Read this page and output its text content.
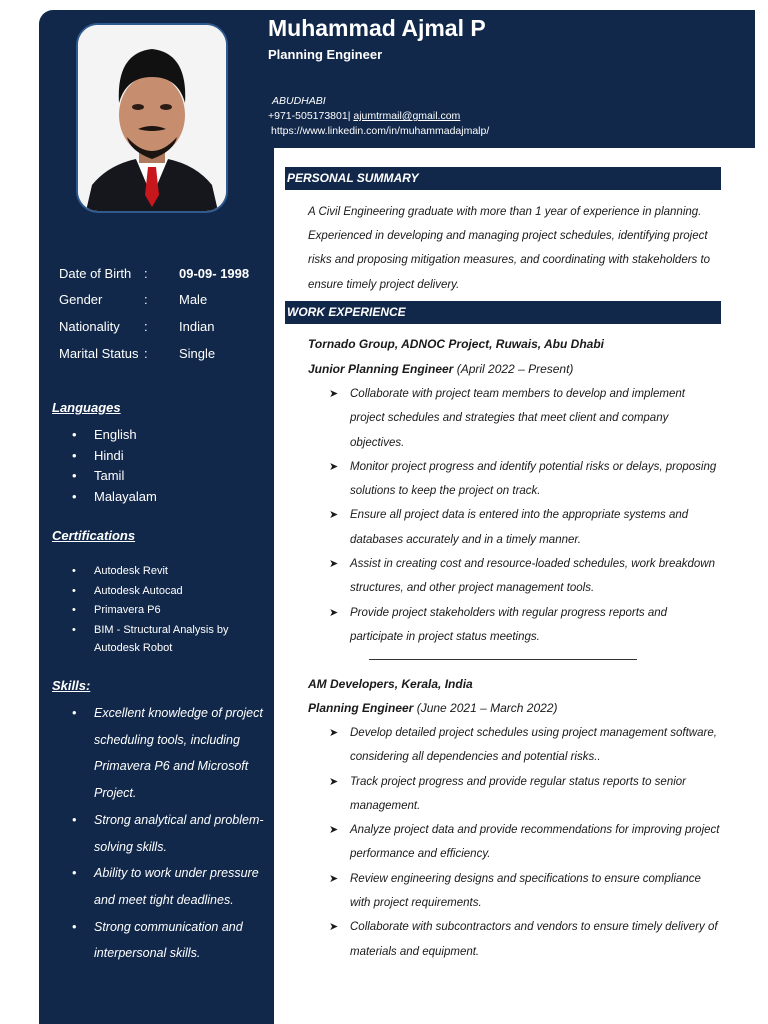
Muhammad Ajmal P
Planning Engineer
ABUDHABI
+971-505173801| ajumtrmail@gmail.com
https://www.linkedin.com/in/muhammadajmalp/
Date of Birth : 09-09- 1998
Gender	: Male
Nationality : Indian
Marital Status : Single
Languages
• English
• Hindi
• Tamil
• Malayalam
Certifications
• Autodesk Revit
• Autodesk Autocad
• Primavera P6
• BIM - Structural Analysis by Autodesk Robot
Skills:
• Excellent knowledge of project scheduling tools, including Primavera P6 and Microsoft Project.
• Strong analytical and problem-solving skills.
• Ability to work under pressure and meet tight deadlines.
• Strong communication and interpersonal skills.
PERSONAL SUMMARY
A Civil Engineering graduate with more than 1 year of experience in planning. Experienced in developing and managing project schedules, identifying project risks and proposing mitigation measures, and coordinating with stakeholders to ensure timely project delivery.
WORK EXPERIENCE
Tornado Group, ADNOC Project, Ruwais, Abu Dhabi
Junior Planning Engineer (April 2022 – Present)
➤ Collaborate with project team members to develop and implement project schedules and strategies that meet client and company objectives.
➤ Monitor project progress and identify potential risks or delays, proposing solutions to keep the project on track.
➤ Ensure all project data is entered into the appropriate systems and databases accurately and in a timely manner.
➤ Assist in creating cost and resource-loaded schedules, work breakdown structures, and other project management tools.
➤ Provide project stakeholders with regular progress reports and participate in project status meetings.
AM Developers, Kerala, India
Planning Engineer (June 2021 – March 2022)
➤ Develop detailed project schedules using project management software, considering all dependencies and potential risks..
➤ Track project progress and provide regular status reports to senior management.
➤ Analyze project data and provide recommendations for improving project performance and efficiency.
➤ Review engineering designs and specifications to ensure compliance with project requirements.
➤ Collaborate with subcontractors and vendors to ensure timely delivery of materials and equipment.
